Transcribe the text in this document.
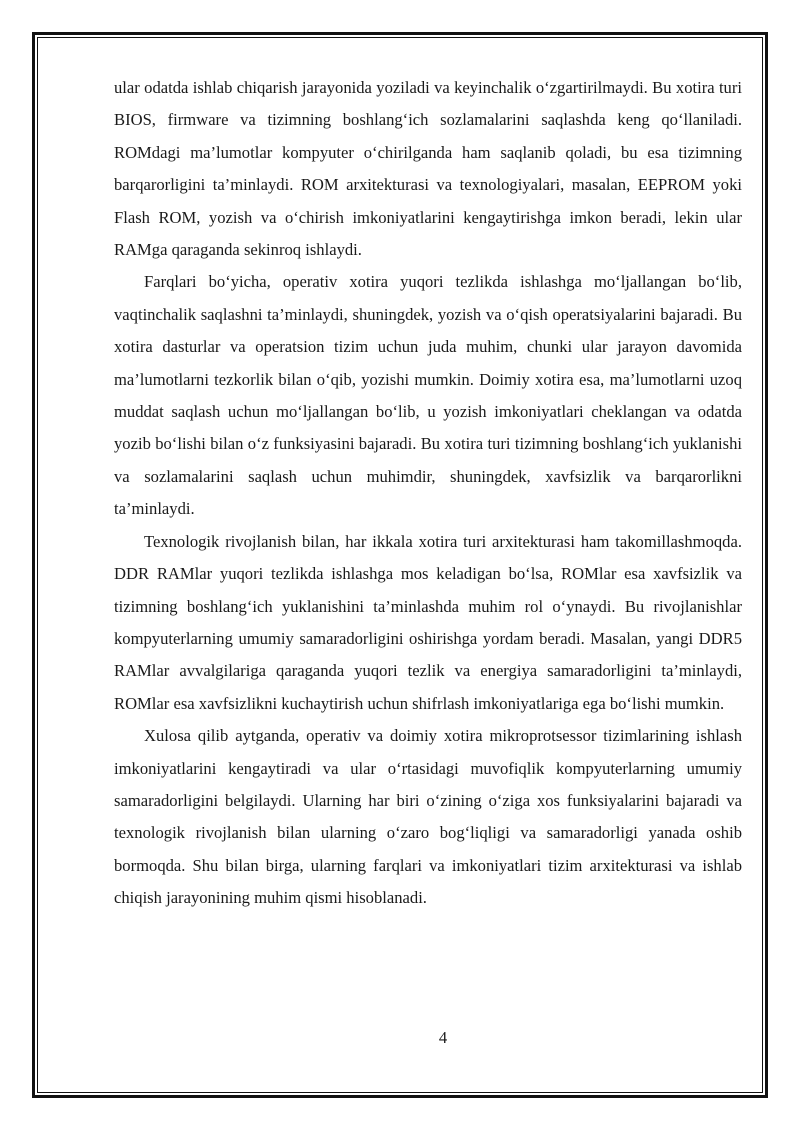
ular odatda ishlab chiqarish jarayonida yoziladi va keyinchalik o‘zgartirilmaydi. Bu xotira turi BIOS, firmware va tizimning boshlang‘ich sozlamalarini saqlashda keng qo‘llaniladi. ROMdagi ma’lumotlar kompyuter o‘chirilganda ham saqlanib qoladi, bu esa tizimning barqarorligini ta’minlaydi. ROM arxitekturasi va texnologiyalari, masalan, EEPROM yoki Flash ROM, yozish va o‘chirish imkoniyatlarini kengaytirishga imkon beradi, lekin ular RAMga qaraganda sekinroq ishlaydi.

Farqlari bo‘yicha, operativ xotira yuqori tezlikda ishlashga mo‘ljallangan bo‘lib, vaqtinchalik saqlashni ta’minlaydi, shuningdek, yozish va o‘qish operatsiyalarini bajaradi. Bu xotira dasturlar va operatsion tizim uchun juda muhim, chunki ular jarayon davomida ma’lumotlarni tezkorlik bilan o‘qib, yozishi mumkin. Doimiy xotira esa, ma’lumotlarni uzoq muddat saqlash uchun mo‘ljallangan bo‘lib, u yozish imkoniyatlari cheklangan va odatda yozib bo‘lishi bilan o‘z funksiyasini bajaradi. Bu xotira turi tizimning boshlang‘ich yuklanishi va sozlamalarini saqlash uchun muhimdir, shuningdek, xavfsizlik va barqarorlikni ta’minlaydi.

Texnologik rivojlanish bilan, har ikkala xotira turi arxitekturasi ham takomillashmoqda. DDR RAMlar yuqori tezlikda ishlashga mos keladigan bo‘lsa, ROMlar esa xavfsizlik va tizimning boshlang‘ich yuklanishini ta’minlashda muhim rol o‘ynaydi. Bu rivojlanishlar kompyuterlarning umumiy samaradorligini oshirishga yordam beradi. Masalan, yangi DDR5 RAMlar avvalgilariga qaraganda yuqori tezlik va energiya samaradorligini ta’minlaydi, ROMlar esa xavfsizlikni kuchaytirish uchun shifrlash imkoniyatlariga ega bo‘lishi mumkin.

Xulosa qilib aytganda, operativ va doimiy xotira mikroprotsessor tizimlarining ishlash imkoniyatlarini kengaytiradi va ular o‘rtasidagi muvofiqlik kompyuterlarning umumiy samaradorligini belgilaydi. Ularning har biri o‘zining o‘ziga xos funksiyalarini bajaradi va texnologik rivojlanish bilan ularning o‘zaro bog‘liqligi va samaradorligi yanada oshib bormoqda. Shu bilan birga, ularning farqlari va imkoniyatlari tizim arxitekturasi va ishlab chiqish jarayonining muhim qismi hisoblanadi.

4
